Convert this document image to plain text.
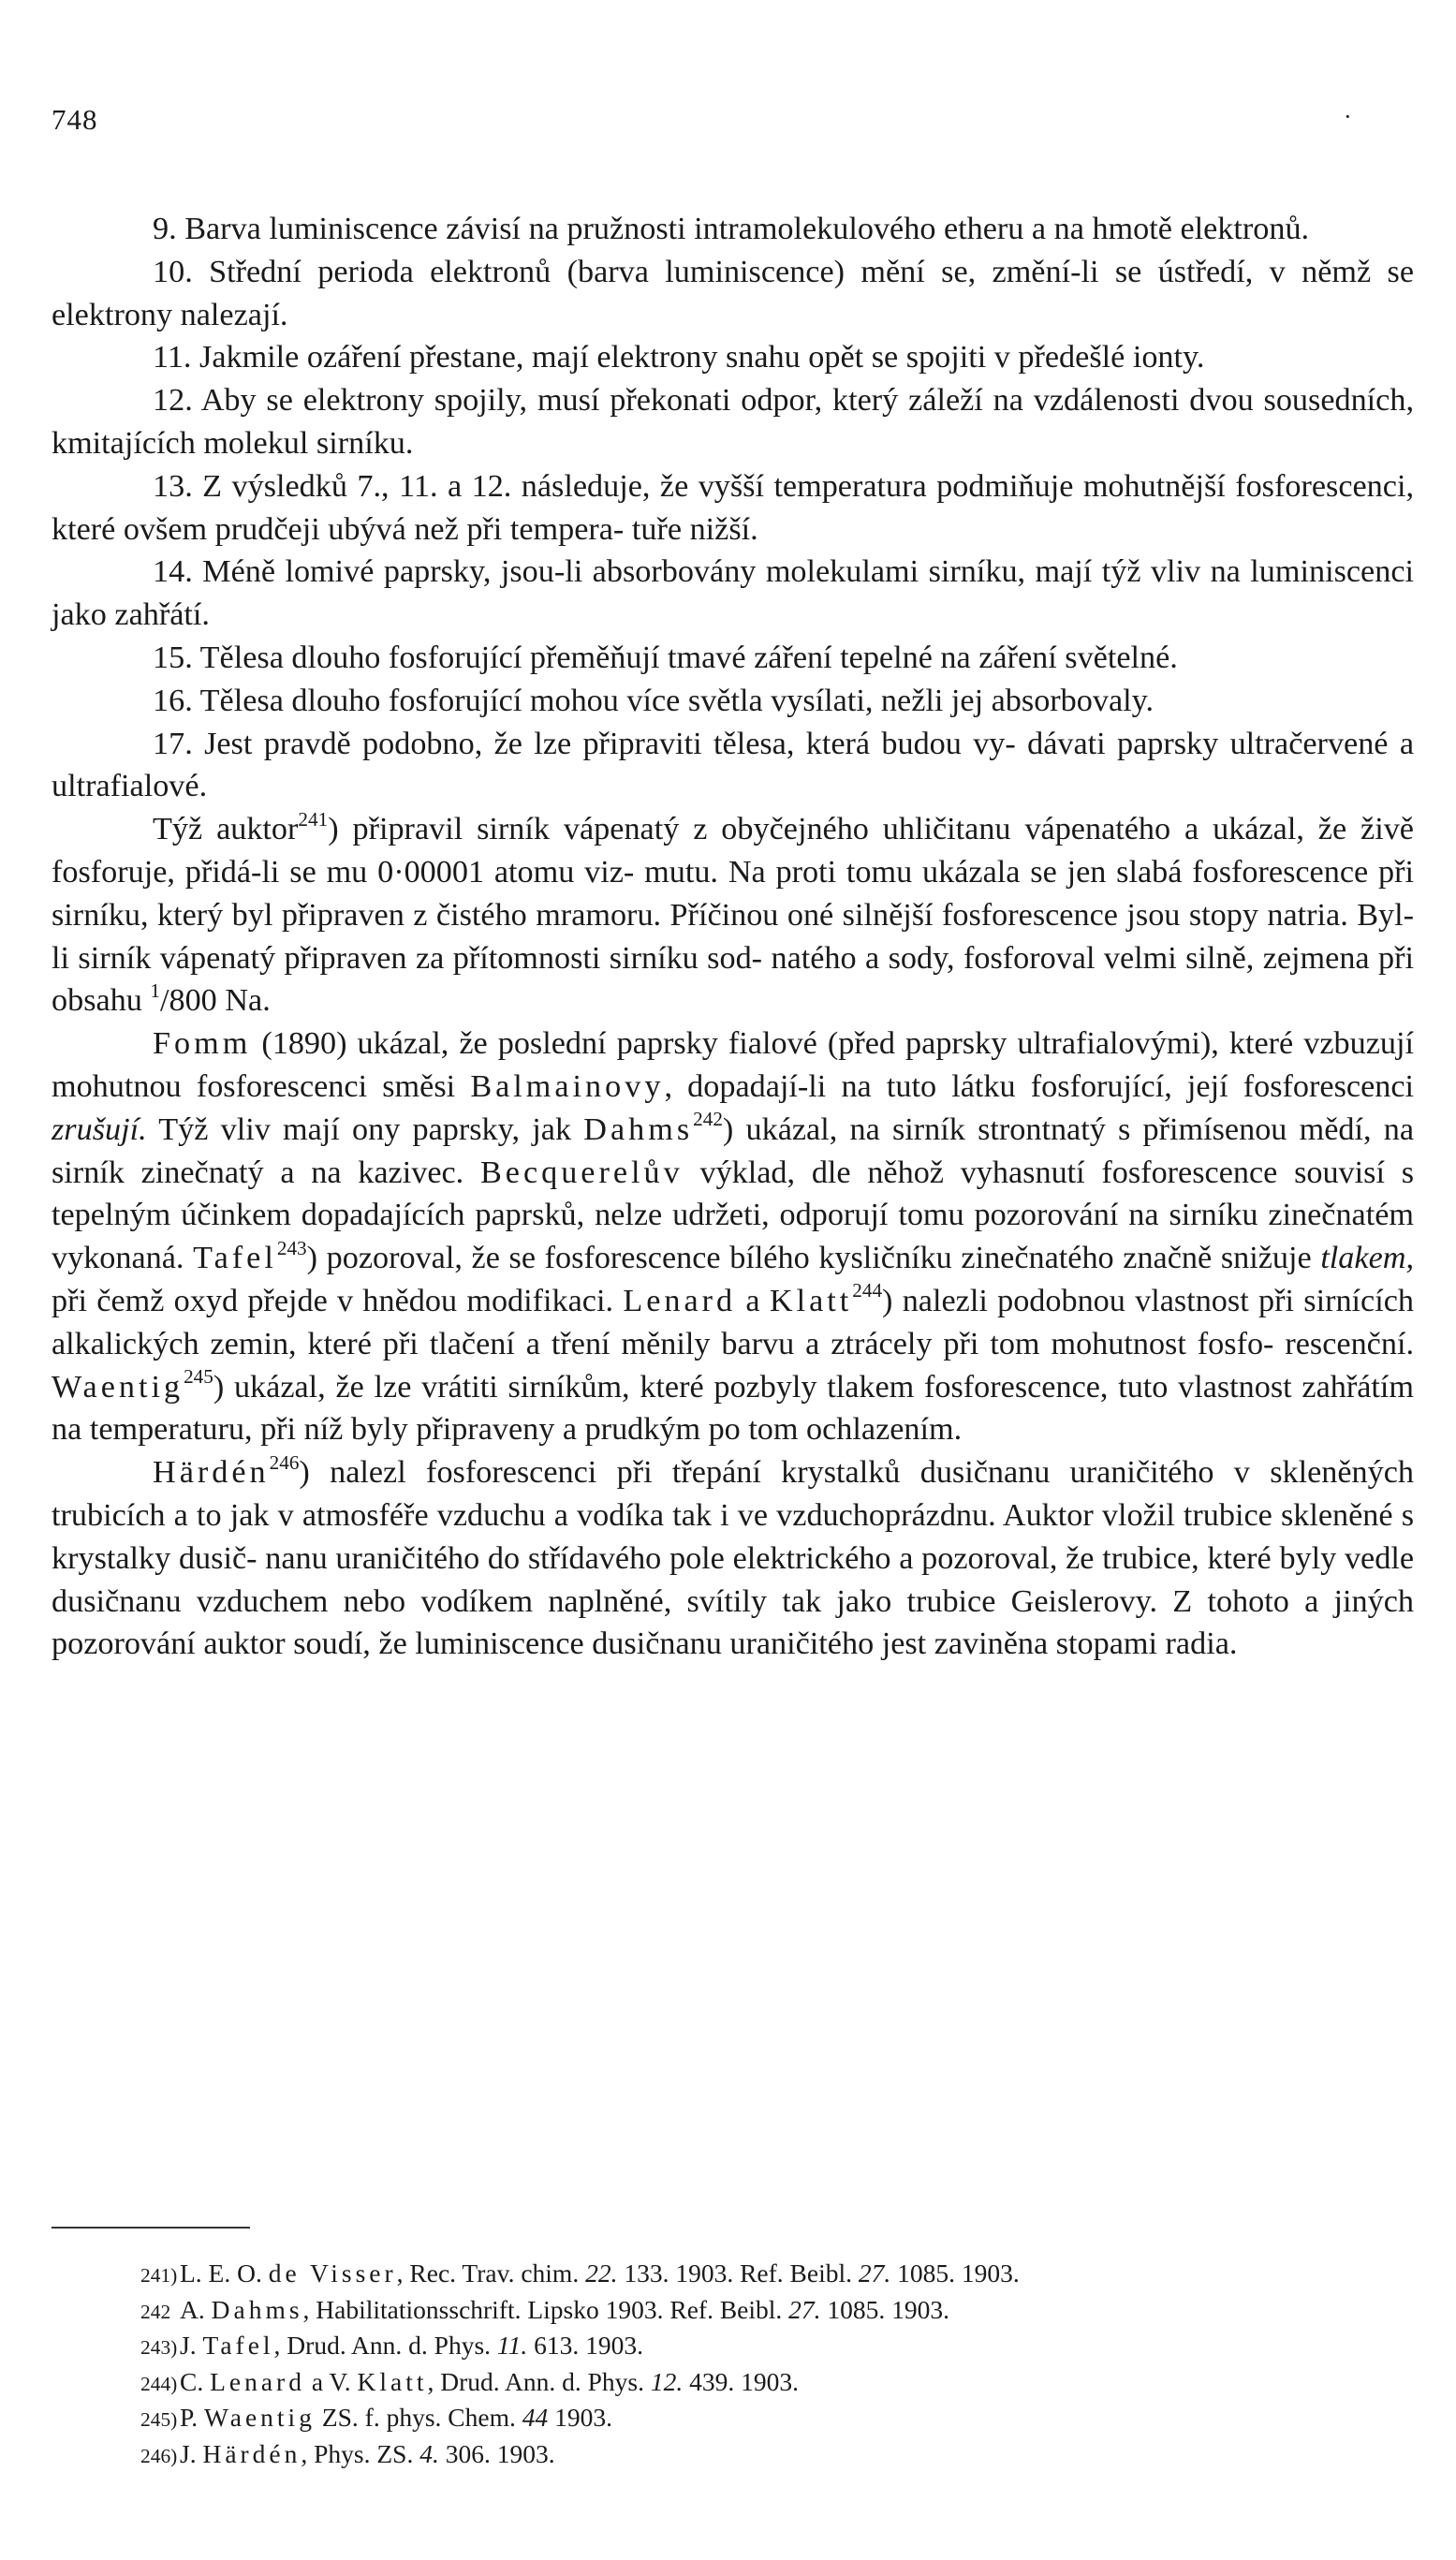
748	·

9. Barva luminiscence závisí na pružnosti intramolekulového etheru a na hmotě elektronů.

10. Střední perioda elektronů (barva luminiscence) mění se, změní-li se ústředí, v němž se elektrony nalezají.

11. Jakmile ozáření přestane, mají elektrony snahu opět se spojiti v předešlé ionty.

12. Aby se elektrony spojily, musí překonati odpor, který záleží na vzdálenosti dvou sousedních, kmitajících molekul sirníku.

13. Z výsledků 7., 11. a 12. následuje, že vyšší temperatura podmiňuje mohutnější fosforescenci, které ovšem prudčeji ubývá než při tempera- tuře nižší.

14. Méně lomivé paprsky, jsou-li absorbovány molekulami sirníku, mají týž vliv na luminiscenci jako zahřátí.

15. Tělesa dlouho fosforující přeměňují tmavé záření tepelné na záření světelné.

16. Tělesa dlouho fosforující mohou více světla vysílati, nežli jej absorbovaly.

17. Jest pravdě podobno, že lze připraviti tělesa, která budou vy- dávati paprsky ultračervené a ultrafialové.

Týž auktor$^{241}$) připravil sirník vápenatý z obyčejného uhličitanu vápenatého a ukázal, že živě fosforuje, přidá-li se mu 0·00001 atomu viz- mutu. Na proti tomu ukázala se jen slabá fosforescence při sirníku, který byl připraven z čistého mramoru. Příčinou oné silnější fosforescence jsou stopy natria. Byl-li sirník vápenatý připraven za přítomnosti sirníku sod- natého a sody, fosforoval velmi silně, zejmena při obsahu $^1$/800 Na.

Fomm (1890) ukázal, že poslední paprsky fialové (před paprsky ultrafialovými), které vzbuzují mohutnou fosforescenci směsi Balmainovy, dopadají-li na tuto látku fosforující, její fosforescenci zrušují. Týž vliv mají ony paprsky, jak Dahms$^{242}$) ukázal, na sirník strontnatý s přimísenou mědí, na sirník zinečnatý a na kazivec. Becquerelův výklad, dle něhož vyhasnutí fosforescence souvisí s tepelným účinkem dopadajících paprsků, nelze udržeti, odporují tomu pozorování na sirníku zinečnatém vykonaná. Tafel$^{243}$) pozoroval, že se fosforescence bílého kysličníku zinečnatého značně snižuje tlakem, při čemž oxyd přejde v hnědou modifikaci. Lenard a Klatt$^{244}$) nalezli podobnou vlastnost při sirnících alkalických zemin, které při tlačení a tření měnily barvu a ztrácely při tom mohutnost fosfo- rescenční. Waentig$^{245}$) ukázal, že lze vrátiti sirníkům, které pozbyly tlakem fosforescence, tuto vlastnost zahřátím na temperaturu, při níž byly připraveny a prudkým po tom ochlazením.

Härdén$^{246}$) nalezl fosforescenci při třepání krystalků dusičnanu uraničitého v skleněných trubicích a to jak v atmosféře vzduchu a vodíka tak i ve vzduchoprázdnu. Auktor vložil trubice skleněné s krystalky dusič- nanu uraničitého do střídavého pole elektrického a pozoroval, že trubice, které byly vedle dusičnanu vzduchem nebo vodíkem naplněné, svítily tak jako trubice Geislerovy. Z tohoto a jiných pozorování auktor soudí, že luminiscence dusičnanu uraničitého jest zaviněna stopami radia.

241)L. E. O. de Visser, Rec. Trav. chim. 22. 133. 1903. Ref. Beibl. 27. 1085. 1903.
242 A. Dahms, Habilitationsschrift. Lipsko 1903. Ref. Beibl. 27. 1085. 1903.
243)J. Tafel, Drud. Ann. d. Phys. 11. 613. 1903.
244)C. Lenard a V. Klatt, Drud. Ann. d. Phys. 12. 439. 1903.
245)P. Waentig ZS. f. phys. Chem. 44 1903.
246)J. Härdén, Phys. ZS. 4. 306. 1903.
